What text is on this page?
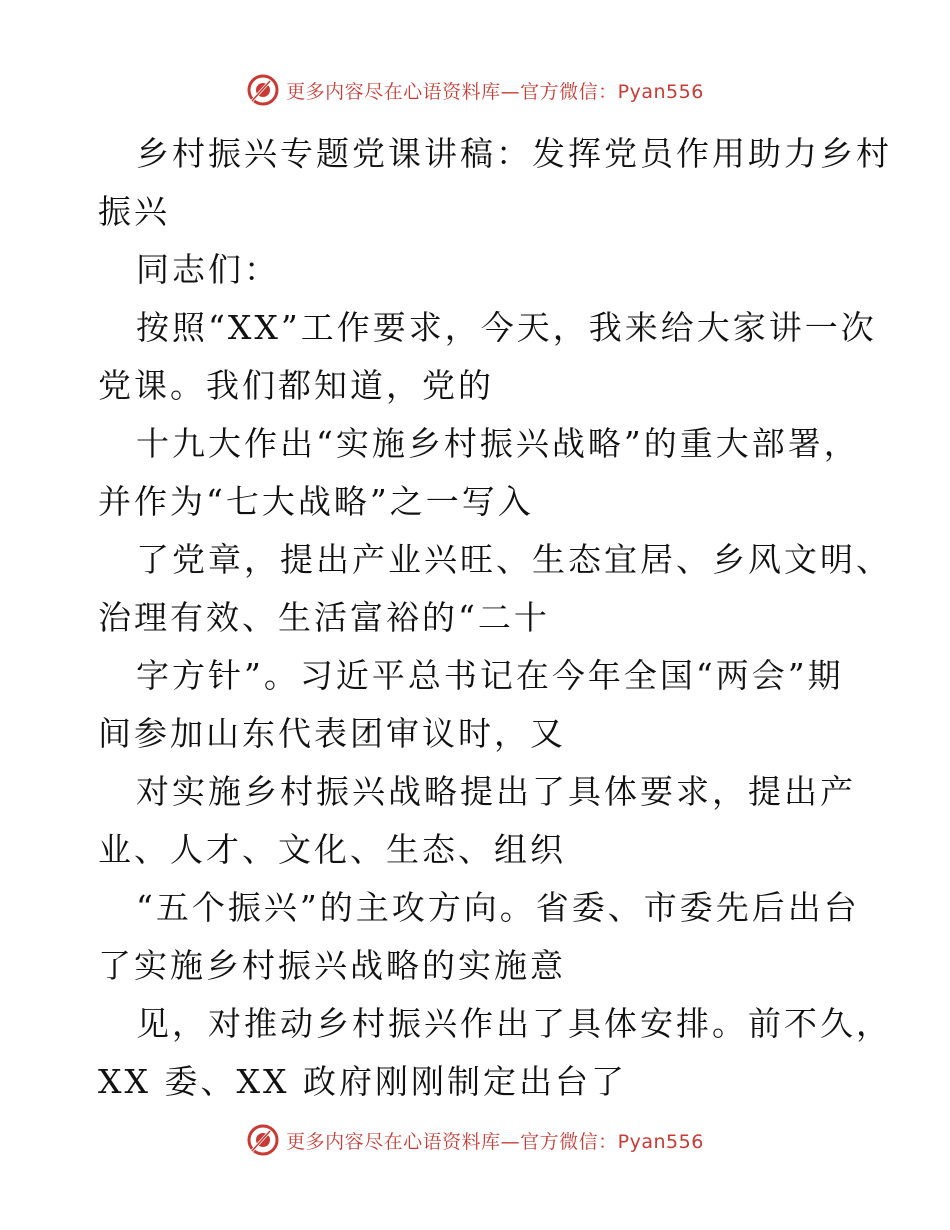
更多内容尽在心语资料库—官方微信：Pyan556
乡村振兴专题党课讲稿：发挥党员作用助力乡村
振兴
同志们：
按照“XX”工作要求，今天，我来给大家讲一次
党课。我们都知道，党的
十九大作出“实施乡村振兴战略”的重大部署，
并作为“七大战略”之一写入
了党章，提出产业兴旺、生态宜居、乡风文明、
治理有效、生活富裕的“二十
字方针”。习近平总书记在今年全国“两会”期
间参加山东代表团审议时，又
对实施乡村振兴战略提出了具体要求，提出产
业、人才、文化、生态、组织
“五个振兴”的主攻方向。省委、市委先后出台
了实施乡村振兴战略的实施意
见，对推动乡村振兴作出了具体安排。前不久，
XX 委、XX 政府刚刚制定出台了
更多内容尽在心语资料库—官方微信：Pyan556
